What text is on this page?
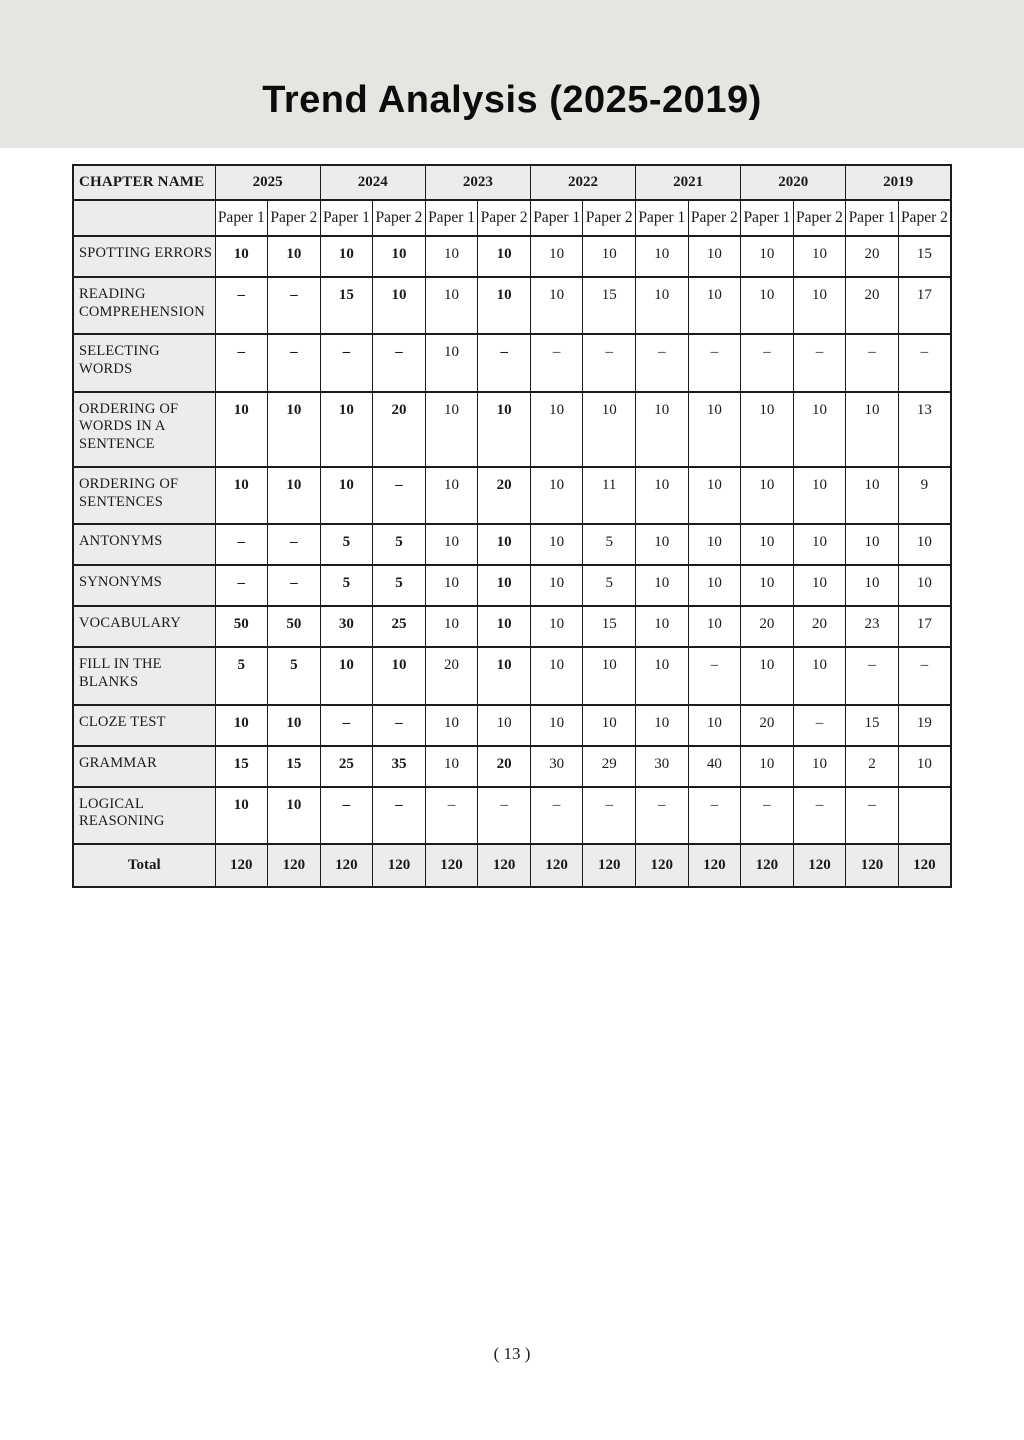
Trend Analysis (2025-2019)
CHAPTER NAME	2025		2024		2023		2022		2021		2020		2019	
	Paper 1	Paper 2	Paper 1	Paper 2	Paper 1	Paper 2	Paper 1	Paper 2	Paper 1	Paper 2	Paper 1	Paper 2	Paper 1	Paper 2
SPOTTING ERRORS	10	10	10	10	10	10	10	10	10	10	10	10	20	15
READING COMPREHENSION	–	–	15	10	10	10	10	15	10	10	10	10	20	17
SELECTING WORDS	–	–	–	–	10	–	–	–	–	–	–	–	–	–
ORDERING OF WORDS IN A SENTENCE	10	10	10	20	10	10	10	10	10	10	10	10	10	13
ORDERING OF SENTENCES	10	10	10	–	10	20	10	11	10	10	10	10	10	9
ANTONYMS	–	–	5	5	10	10	10	5	10	10	10	10	10	10
SYNONYMS	–	–	5	5	10	10	10	5	10	10	10	10	10	10
VOCABULARY	50	50	30	25	10	10	10	15	10	10	20	20	23	17
FILL IN THE BLANKS	5	5	10	10	20	10	10	10	10	–	10	10	–	–
CLOZE TEST	10	10	–	–	10	10	10	10	10	10	20	–	15	19
GRAMMAR	15	15	25	35	10	20	30	29	30	40	10	10	2	10
LOGICAL REASONING	10	10	–	–	–	–	–	–	–	–	–	–	–	
Total	120	120	120	120	120	120	120	120	120	120	120	120	120	120
( 13 )
